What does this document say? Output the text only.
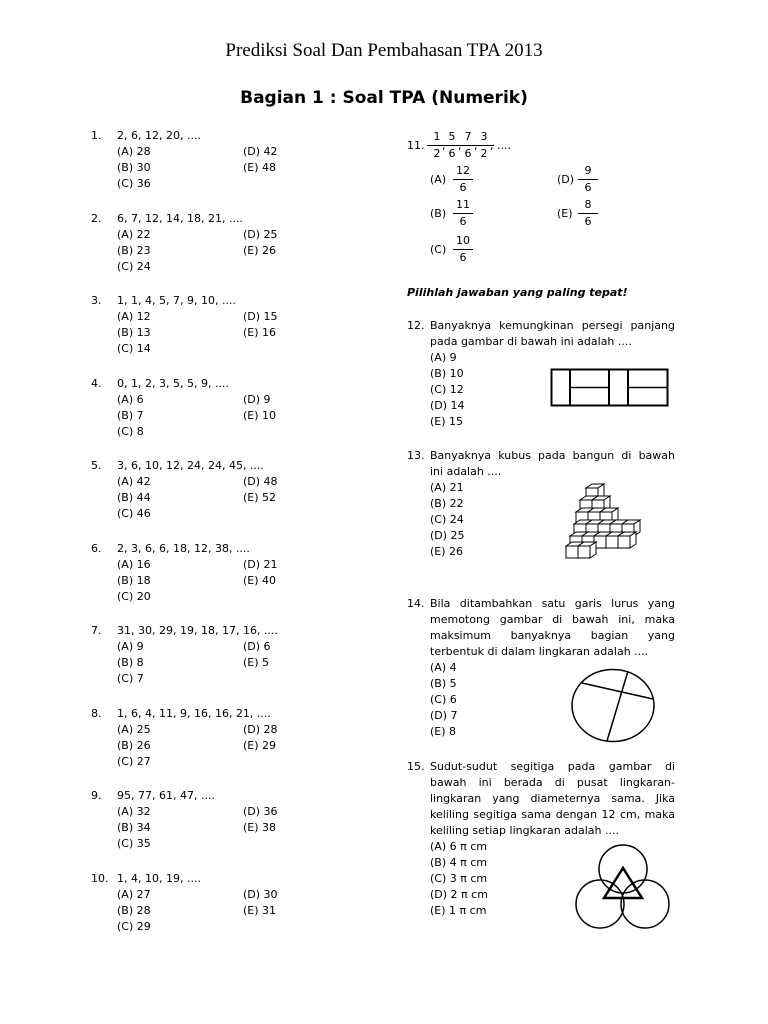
Prediksi Soal Dan Pembahasan TPA 2013
Bagian 1 : Soal TPA (Numerik)
1. 2, 6, 12, 20, ....
(A) 28
(B) 30
(C) 36
(D) 42
(E) 48
2. 6, 7, 12, 14, 18, 21, ....
(A) 22
(B) 23
(C) 24
(D) 25
(E) 26
3. 1, 1, 4, 5, 7, 9, 10, ....
(A) 12
(B) 13
(C) 14
(D) 15
(E) 16
4. 0, 1, 2, 3, 5, 5, 9, ....
(A) 6
(B) 7
(C) 8
(D) 9
(E) 10
5. 3, 6, 10, 12, 24, 24, 45, ....
(A) 42
(B) 44
(C) 46
(D) 48
(E) 52
6. 2, 3, 6, 6, 18, 12, 38, ....
(A) 16
(B) 18
(C) 20
(D) 21
(E) 40
7. 31, 30, 29, 19, 18, 17, 16, ....
(A) 9
(B) 8
(C) 7
(D) 6
(E) 5
8. 1, 6, 4, 11, 9, 16, 16, 21, ....
(A) 25
(B) 26
(C) 27
(D) 28
(E) 29
9. 95, 77, 61, 47, ....
(A) 32
(B) 34
(C) 35
(D) 36
(E) 38
10. 1, 4, 10, 19, ....
(A) 27
(B) 28
(C) 29
(D) 30
(E) 31
11.
1
2
,
5
6
,
7
6
,
3
2
, ....
(A)
12
6
(B)
11
6
(C)
10
6
(D)
9
6
(E)
8
6
Pilihlah jawaban yang paling tepat!
12. Banyaknya kemungkinan persegi panjang
pada gambar di bawah ini adalah ....
(A) 9
(B) 10
(C) 12
(D) 14
(E) 15
13. Banyaknya kubus pada bangun di bawah
ini adalah ....
(A) 21
(B) 22
(C) 24
(D) 25
(E) 26
14. Bila ditambahkan satu garis lurus yang
memotong gambar di bawah ini, maka
maksimum banyaknya bagian yang
terbentuk di dalam lingkaran adalah ....
(A) 4
(B) 5
(C) 6
(D) 7
(E) 8
15. Sudut-sudut segitiga pada gambar di
bawah ini berada di pusat lingkaran-
lingkaran yang diameternya sama. Jika
keliling segitiga sama dengan 12 cm, maka
keliling setiap lingkaran adalah ....
(A) 6 π cm
(B) 4 π cm
(C) 3 π cm
(D) 2 π cm
(E) 1 π cm
